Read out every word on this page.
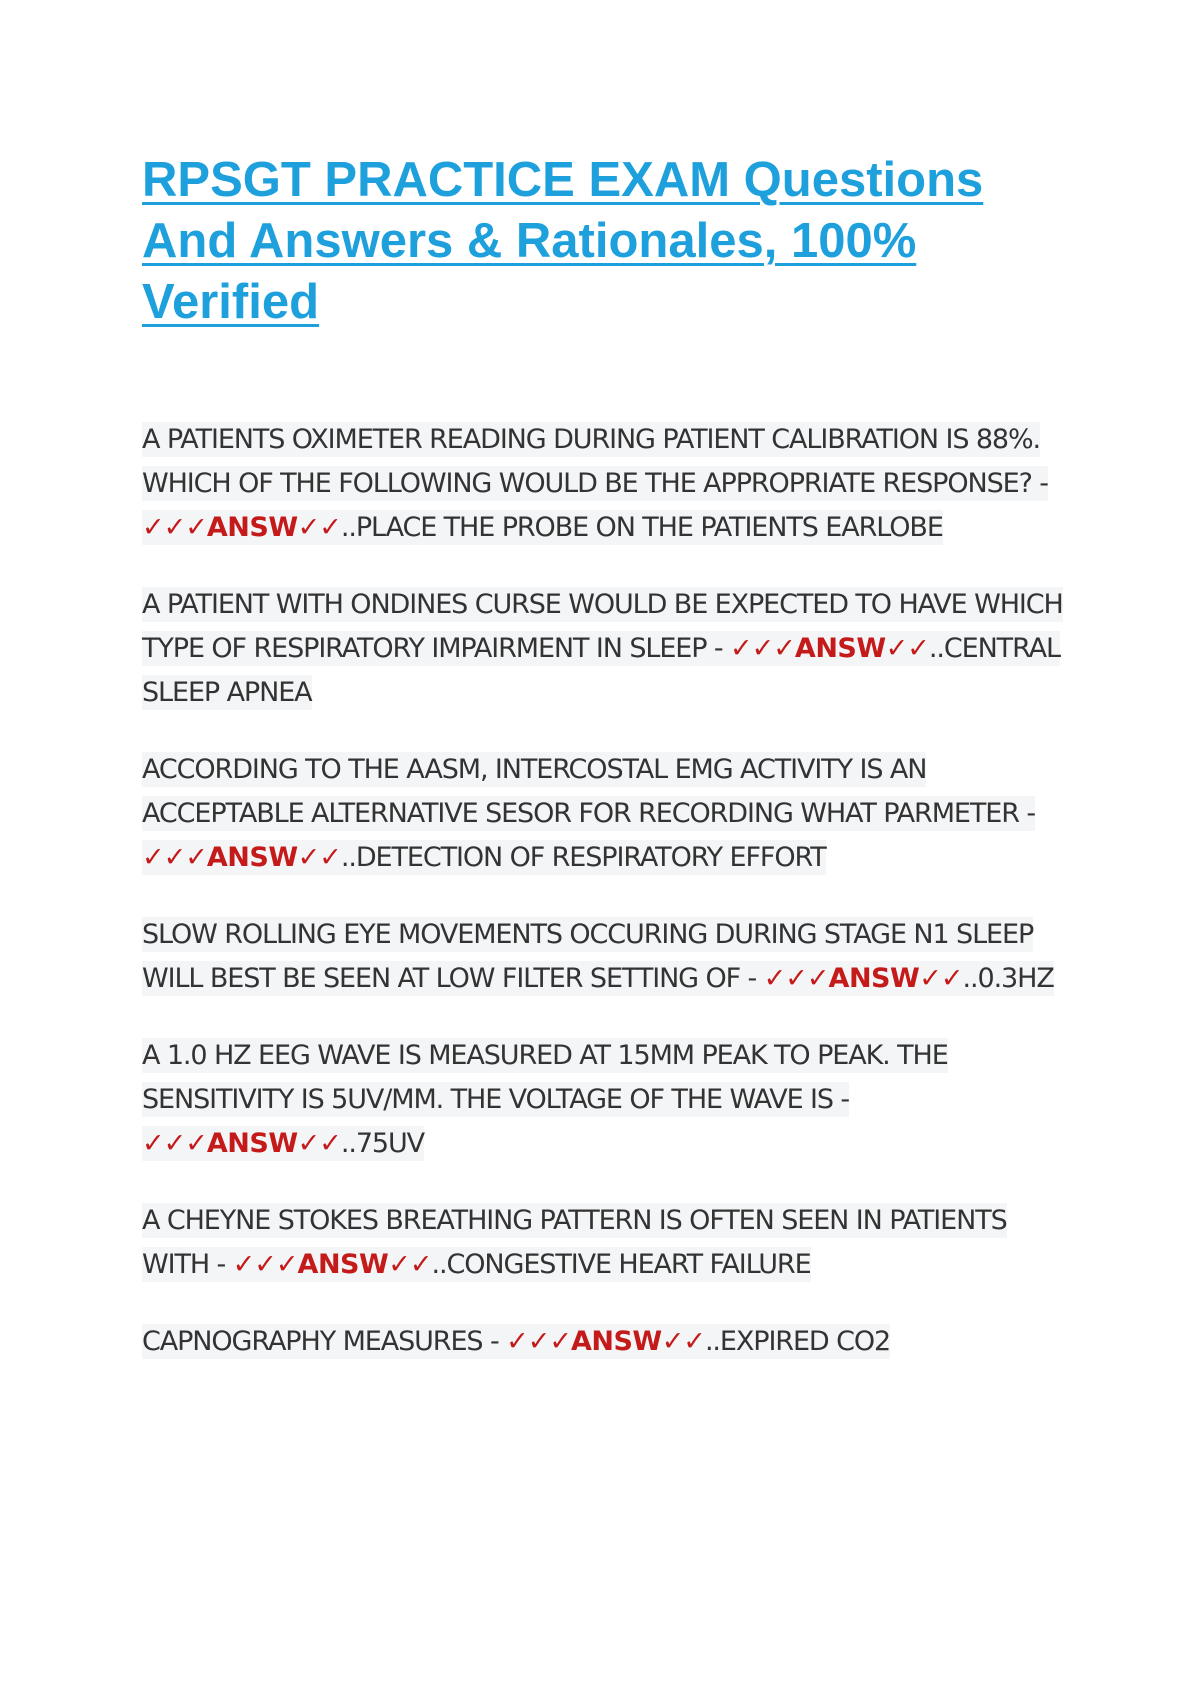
RPSGT PRACTICE EXAM Questions And Answers & Rationales, 100% Verified

A PATIENTS OXIMETER READING DURING PATIENT CALIBRATION IS 88%. WHICH OF THE FOLLOWING WOULD BE THE APPROPRIATE RESPONSE? - ✓✓✓ANSW✓✓..PLACE THE PROBE ON THE PATIENTS EARLOBE

A PATIENT WITH ONDINES CURSE WOULD BE EXPECTED TO HAVE WHICH TYPE OF RESPIRATORY IMPAIRMENT IN SLEEP - ✓✓✓ANSW✓✓..CENTRAL SLEEP APNEA

ACCORDING TO THE AASM, INTERCOSTAL EMG ACTIVITY IS AN ACCEPTABLE ALTERNATIVE SESOR FOR RECORDING WHAT PARMETER - ✓✓✓ANSW✓✓..DETECTION OF RESPIRATORY EFFORT

SLOW ROLLING EYE MOVEMENTS OCCURING DURING STAGE N1 SLEEP WILL BEST BE SEEN AT LOW FILTER SETTING OF - ✓✓✓ANSW✓✓..0.3HZ

A 1.0 HZ EEG WAVE IS MEASURED AT 15MM PEAK TO PEAK. THE SENSITIVITY IS 5UV/MM. THE VOLTAGE OF THE WAVE IS - ✓✓✓ANSW✓✓..75UV

A CHEYNE STOKES BREATHING PATTERN IS OFTEN SEEN IN PATIENTS WITH - ✓✓✓ANSW✓✓..CONGESTIVE HEART FAILURE

CAPNOGRAPHY MEASURES - ✓✓✓ANSW✓✓..EXPIRED CO2
